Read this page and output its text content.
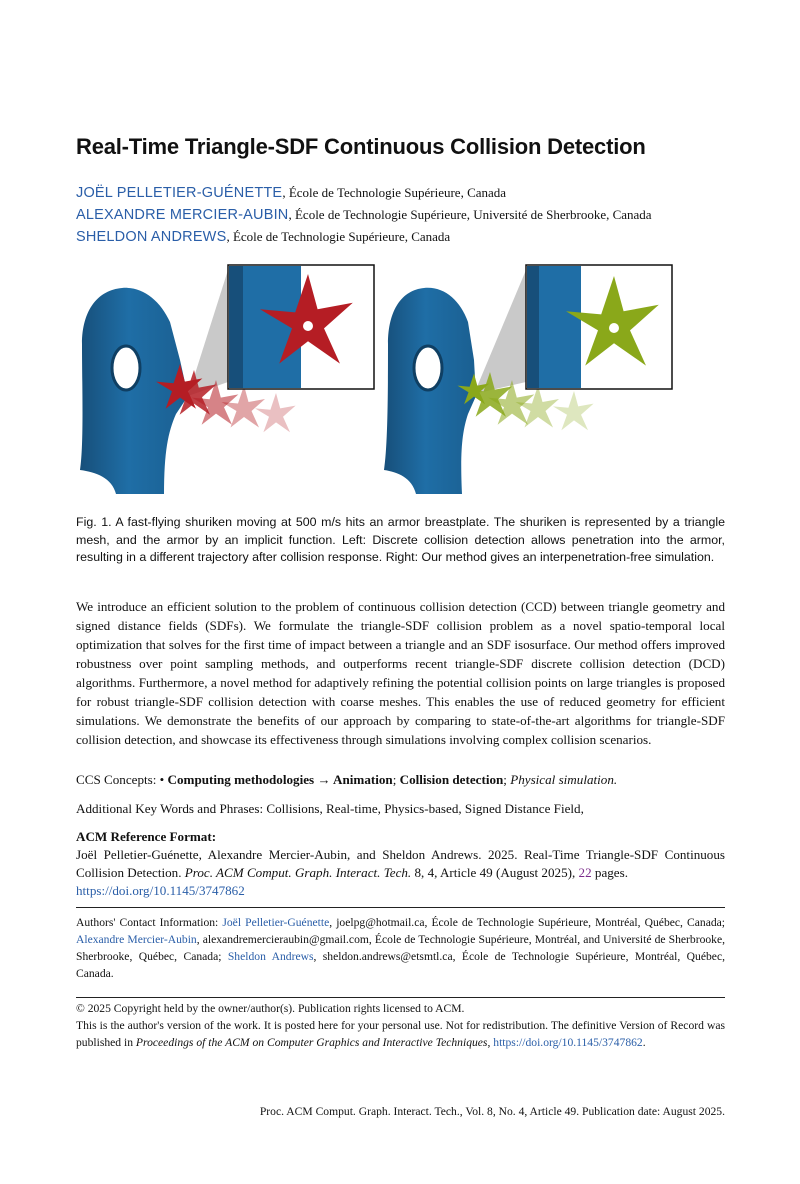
Real-Time Triangle-SDF Continuous Collision Detection
JOËL PELLETIER-GUÉNETTE, École de Technologie Supérieure, Canada
ALEXANDRE MERCIER-AUBIN, École de Technologie Supérieure, Université de Sherbrooke, Canada
SHELDON ANDREWS, École de Technologie Supérieure, Canada

Fig. 1. A fast-flying shuriken moving at 500 m/s hits an armor breastplate. The shuriken is represented by a triangle mesh, and the armor by an implicit function. Left: Discrete collision detection allows penetration into the armor, resulting in a different trajectory after collision response. Right: Our method gives an interpenetration-free simulation.

We introduce an efficient solution to the problem of continuous collision detection (CCD) between triangle geometry and signed distance fields (SDFs). We formulate the triangle-SDF collision problem as a novel spatio-temporal local optimization that solves for the first time of impact between a triangle and an SDF isosurface. Our method offers improved robustness over point sampling methods, and outperforms recent triangle-SDF discrete collision detection (DCD) algorithms. Furthermore, a novel method for adaptively refining the potential collision points on large triangles is proposed for robust triangle-SDF collision detection with coarse meshes. This enables the use of reduced geometry for efficient simulations. We demonstrate the benefits of our approach by comparing to state-of-the-art algorithms for triangle-SDF collision detection, and showcase its effectiveness through simulations involving complex collision scenarios.

CCS Concepts: • Computing methodologies → Animation; Collision detection; Physical simulation.
Additional Key Words and Phrases: Collisions, Real-time, Physics-based, Signed Distance Field,
ACM Reference Format:
Joël Pelletier-Guénette, Alexandre Mercier-Aubin, and Sheldon Andrews. 2025. Real-Time Triangle-SDF Continuous Collision Detection. Proc. ACM Comput. Graph. Interact. Tech. 8, 4, Article 49 (August 2025), 22 pages.
https://doi.org/10.1145/3747862
Authors' Contact Information: Joël Pelletier-Guénette, joelpg@hotmail.ca, École de Technologie Supérieure, Montréal, Québec, Canada; Alexandre Mercier-Aubin, alexandremercieraubin@gmail.com, École de Technologie Supérieure, Montréal, and Université de Sherbrooke, Sherbrooke, Québec, Canada; Sheldon Andrews, sheldon.andrews@etsmtl.ca, École de Technologie Supérieure, Montréal, Québec, Canada.
© 2025 Copyright held by the owner/author(s). Publication rights licensed to ACM.
This is the author's version of the work. It is posted here for your personal use. Not for redistribution. The definitive Version of Record was published in Proceedings of the ACM on Computer Graphics and Interactive Techniques, https://doi.org/10.1145/3747862.
Proc. ACM Comput. Graph. Interact. Tech., Vol. 8, No. 4, Article 49. Publication date: August 2025.
